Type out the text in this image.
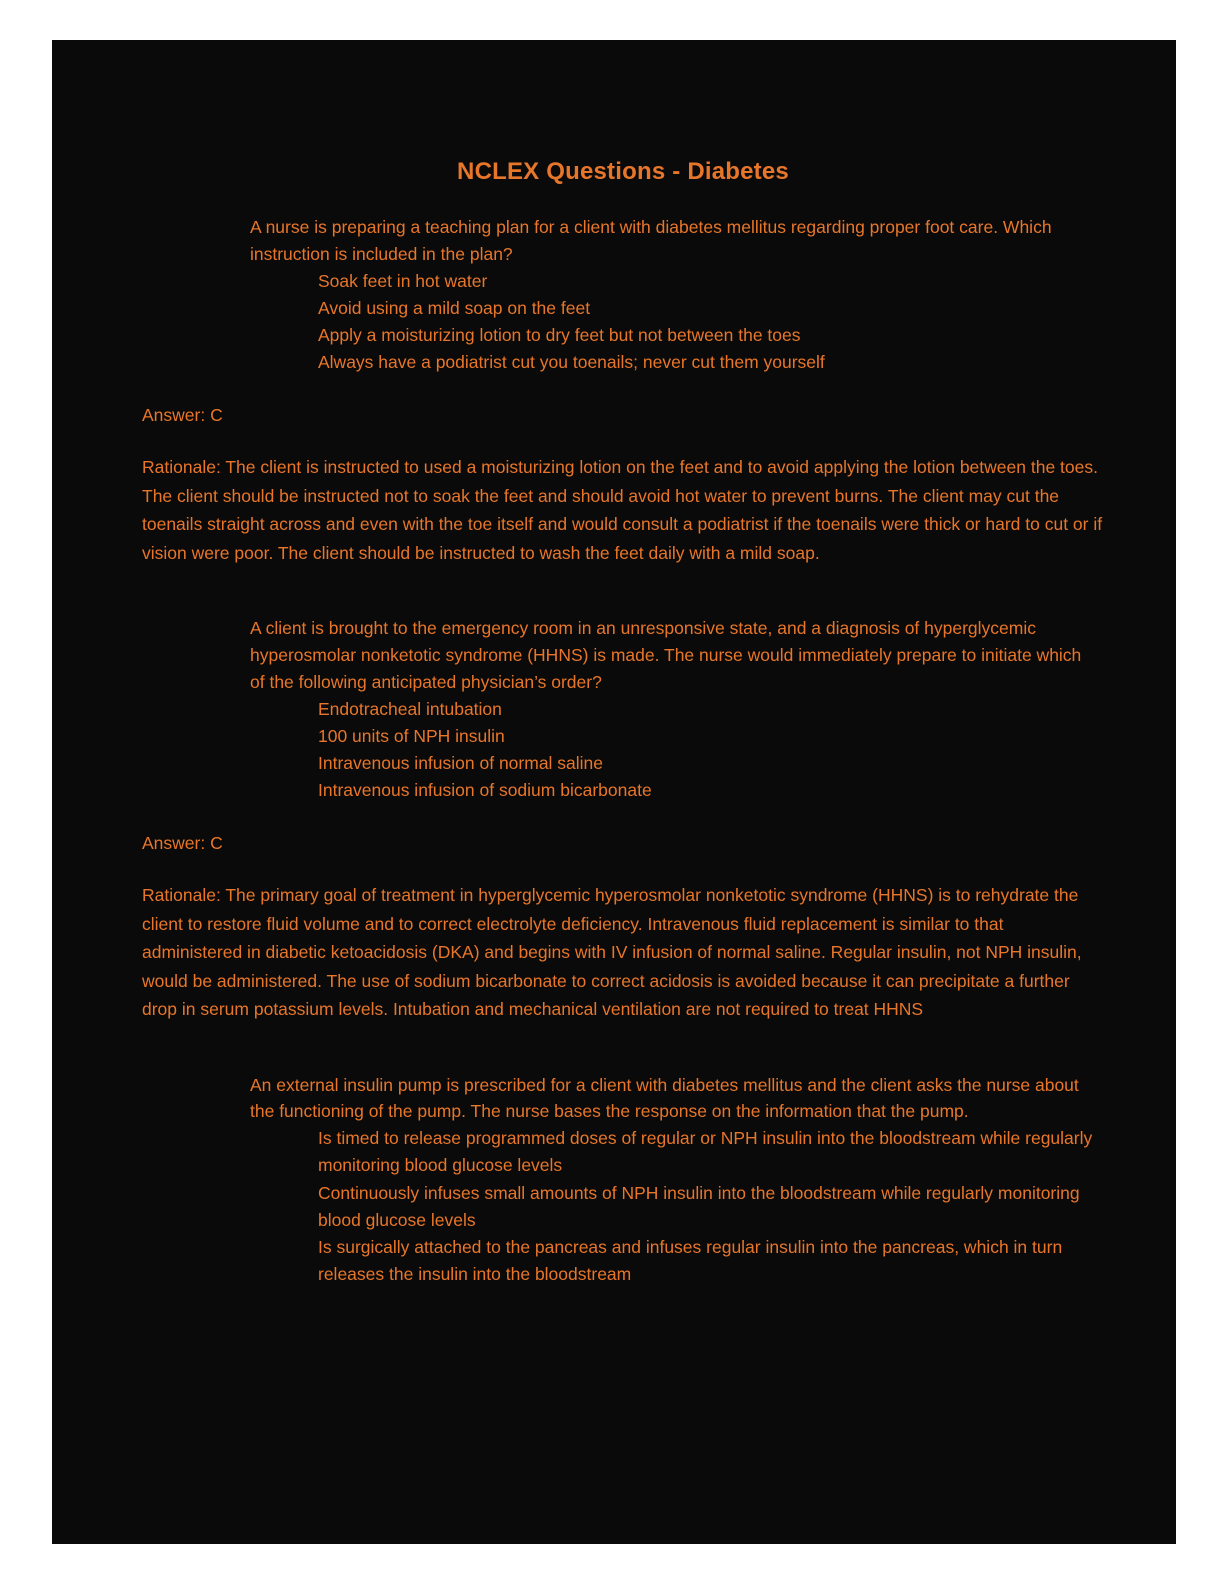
NCLEX Questions - Diabetes
A nurse is preparing a teaching plan for a client with diabetes mellitus regarding proper foot care. Which instruction is included in the plan?
Soak feet in hot water
Avoid using a mild soap on the feet
Apply a moisturizing lotion to dry feet but not between the toes
Always have a podiatrist cut you toenails; never cut them yourself
Answer: C
Rationale: The client is instructed to used a moisturizing lotion on the feet and to avoid applying the lotion between the toes. The client should be instructed not to soak the feet and should avoid hot water to prevent burns. The client may cut the toenails straight across and even with the toe itself and would consult a podiatrist if the toenails were thick or hard to cut or if vision were poor. The client should be instructed to wash the feet daily with a mild soap.
A client is brought to the emergency room in an unresponsive state, and a diagnosis of hyperglycemic hyperosmolar nonketotic syndrome (HHNS) is made. The nurse would immediately prepare to initiate which of the following anticipated physician’s order?
Endotracheal intubation
100 units of NPH insulin
Intravenous infusion of normal saline
Intravenous infusion of sodium bicarbonate
Answer: C
Rationale: The primary goal of treatment in hyperglycemic hyperosmolar nonketotic syndrome (HHNS) is to rehydrate the client to restore fluid volume and to correct electrolyte deficiency. Intravenous fluid replacement is similar to that administered in diabetic ketoacidosis (DKA) and begins with IV infusion of normal saline. Regular insulin, not NPH insulin, would be administered. The use of sodium bicarbonate to correct acidosis is avoided because it can precipitate a further drop in serum potassium levels. Intubation and mechanical ventilation are not required to treat HHNS
An external insulin pump is prescribed for a client with diabetes mellitus and the client asks the nurse about the functioning of the pump. The nurse bases the response on the information that the pump.
Is timed to release programmed doses of regular or NPH insulin into the bloodstream while regularly monitoring blood glucose levels
Continuously infuses small amounts of NPH insulin into the bloodstream while regularly monitoring blood glucose levels
Is surgically attached to the pancreas and infuses regular insulin into the pancreas, which in turn releases the insulin into the bloodstream
